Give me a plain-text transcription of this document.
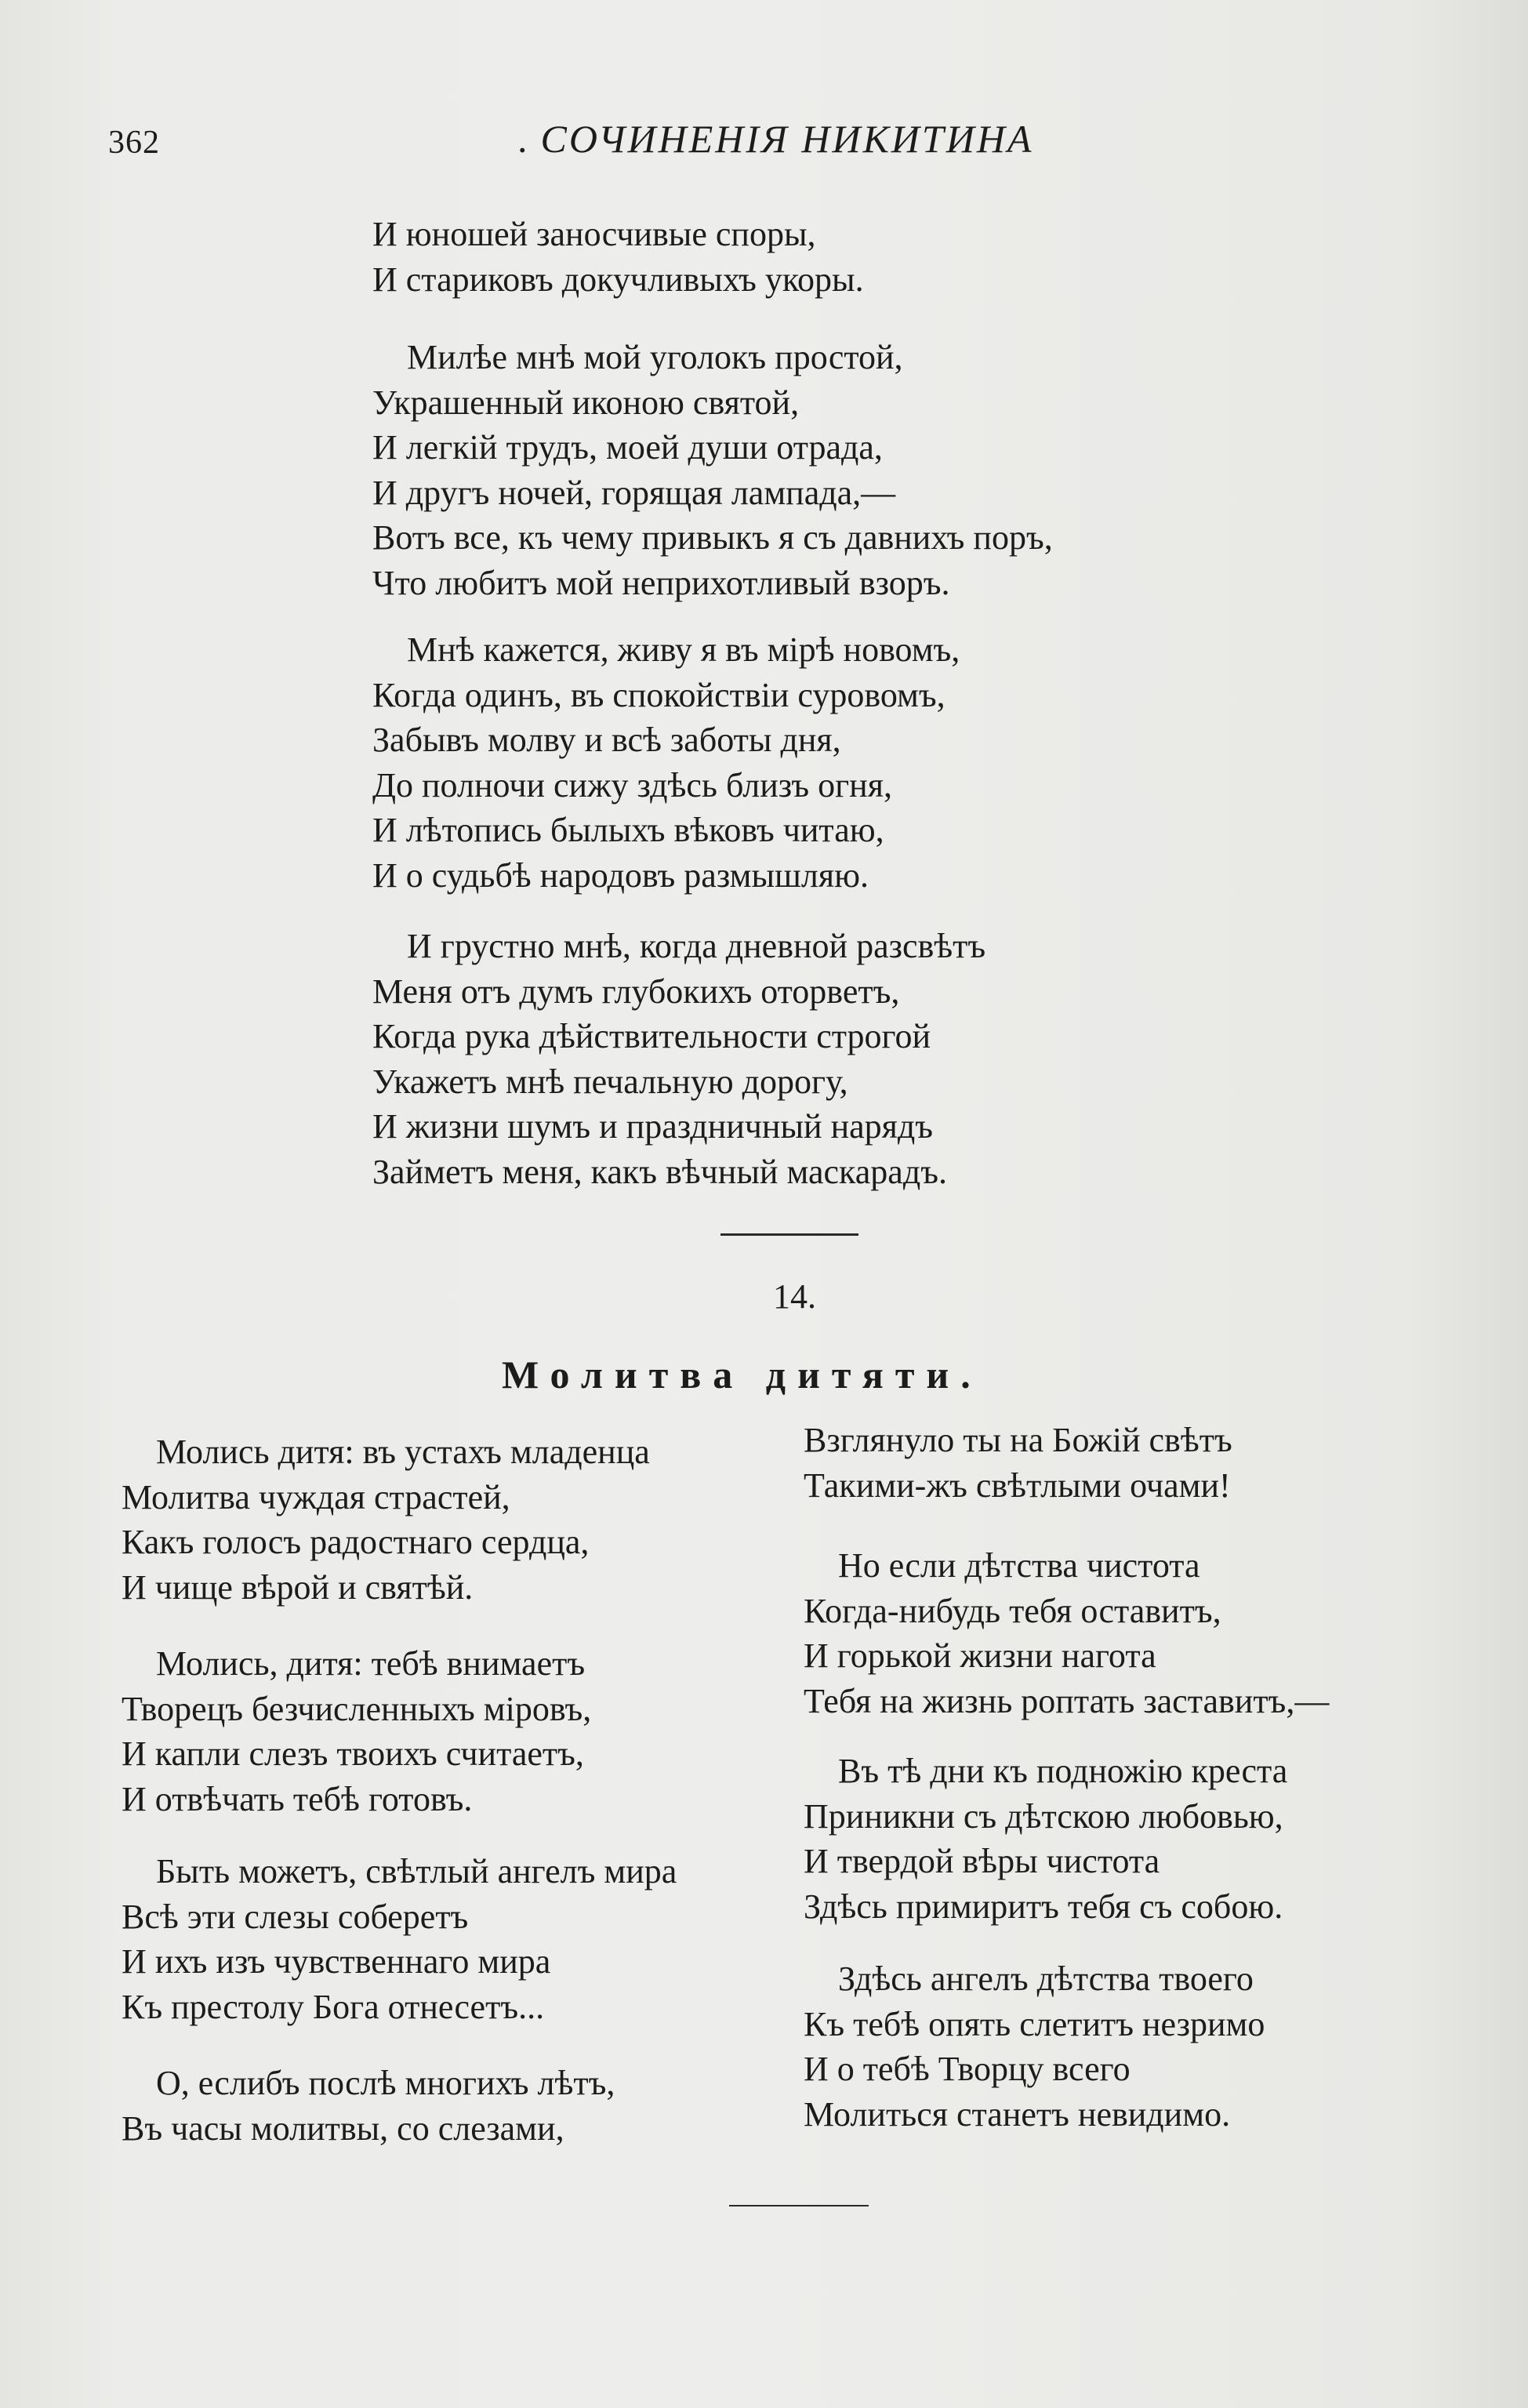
362	. СОЧИНЕНІЯ НИКИТИНА
И юношей заносчивые споры,
И стариковъ докучливыхъ укоры.
Милѣе мнѣ мой уголокъ простой,
Украшенный иконою святой,
И легкій трудъ, моей души отрада,
И другъ ночей, горящая лампада,—
Вотъ все, къ чему привыкъ я съ давнихъ поръ,
Что любитъ мой неприхотливый взоръ.
Мнѣ кажется, живу я въ мірѣ новомъ,
Когда одинъ, въ спокойствіи суровомъ,
Забывъ молву и всѣ заботы дня,
До полночи сижу здѣсь близъ огня,
И лѣтопись былыхъ вѣковъ читаю,
И о судьбѣ народовъ размышляю.
И грустно мнѣ, когда дневной разсвѣтъ
Меня отъ думъ глубокихъ оторветъ,
Когда рука дѣйствительности строгой
Укажетъ мнѣ печальную дорогу,
И жизни шумъ и праздничный нарядъ
Займетъ меня, какъ вѣчный маскарадъ.
14.
Молитва дитяти.
Молись дитя: въ устахъ младенца
Молитва чуждая страстей,
Какъ голосъ радостнаго сердца,
И чище вѣрой и святѣй.
Молись, дитя: тебѣ внимаетъ
Творецъ безчисленныхъ міровъ,
И капли слезъ твоихъ считаетъ,
И отвѣчать тебѣ готовъ.
Быть можетъ, свѣтлый ангелъ мира
Всѣ эти слезы соберетъ
И ихъ изъ чувственнаго мира
Къ престолу Бога отнесетъ...
О, еслибъ послѣ многихъ лѣтъ,
Въ часы молитвы, со слезами,
Взглянуло ты на Божій свѣтъ
Такими-жъ свѣтлыми очами!
Но если дѣтства чистота
Когда-нибудь тебя оставитъ,
И горькой жизни нагота
Тебя на жизнь роптать заставитъ,—
Въ тѣ дни къ подножію креста
Приникни съ дѣтскою любовью,
И твердой вѣры чистота
Здѣсь примиритъ тебя съ собою.
Здѣсь ангелъ дѣтства твоего
Къ тебѣ опять слетитъ незримо
И о тебѣ Творцу всего
Молиться станетъ невидимо.
